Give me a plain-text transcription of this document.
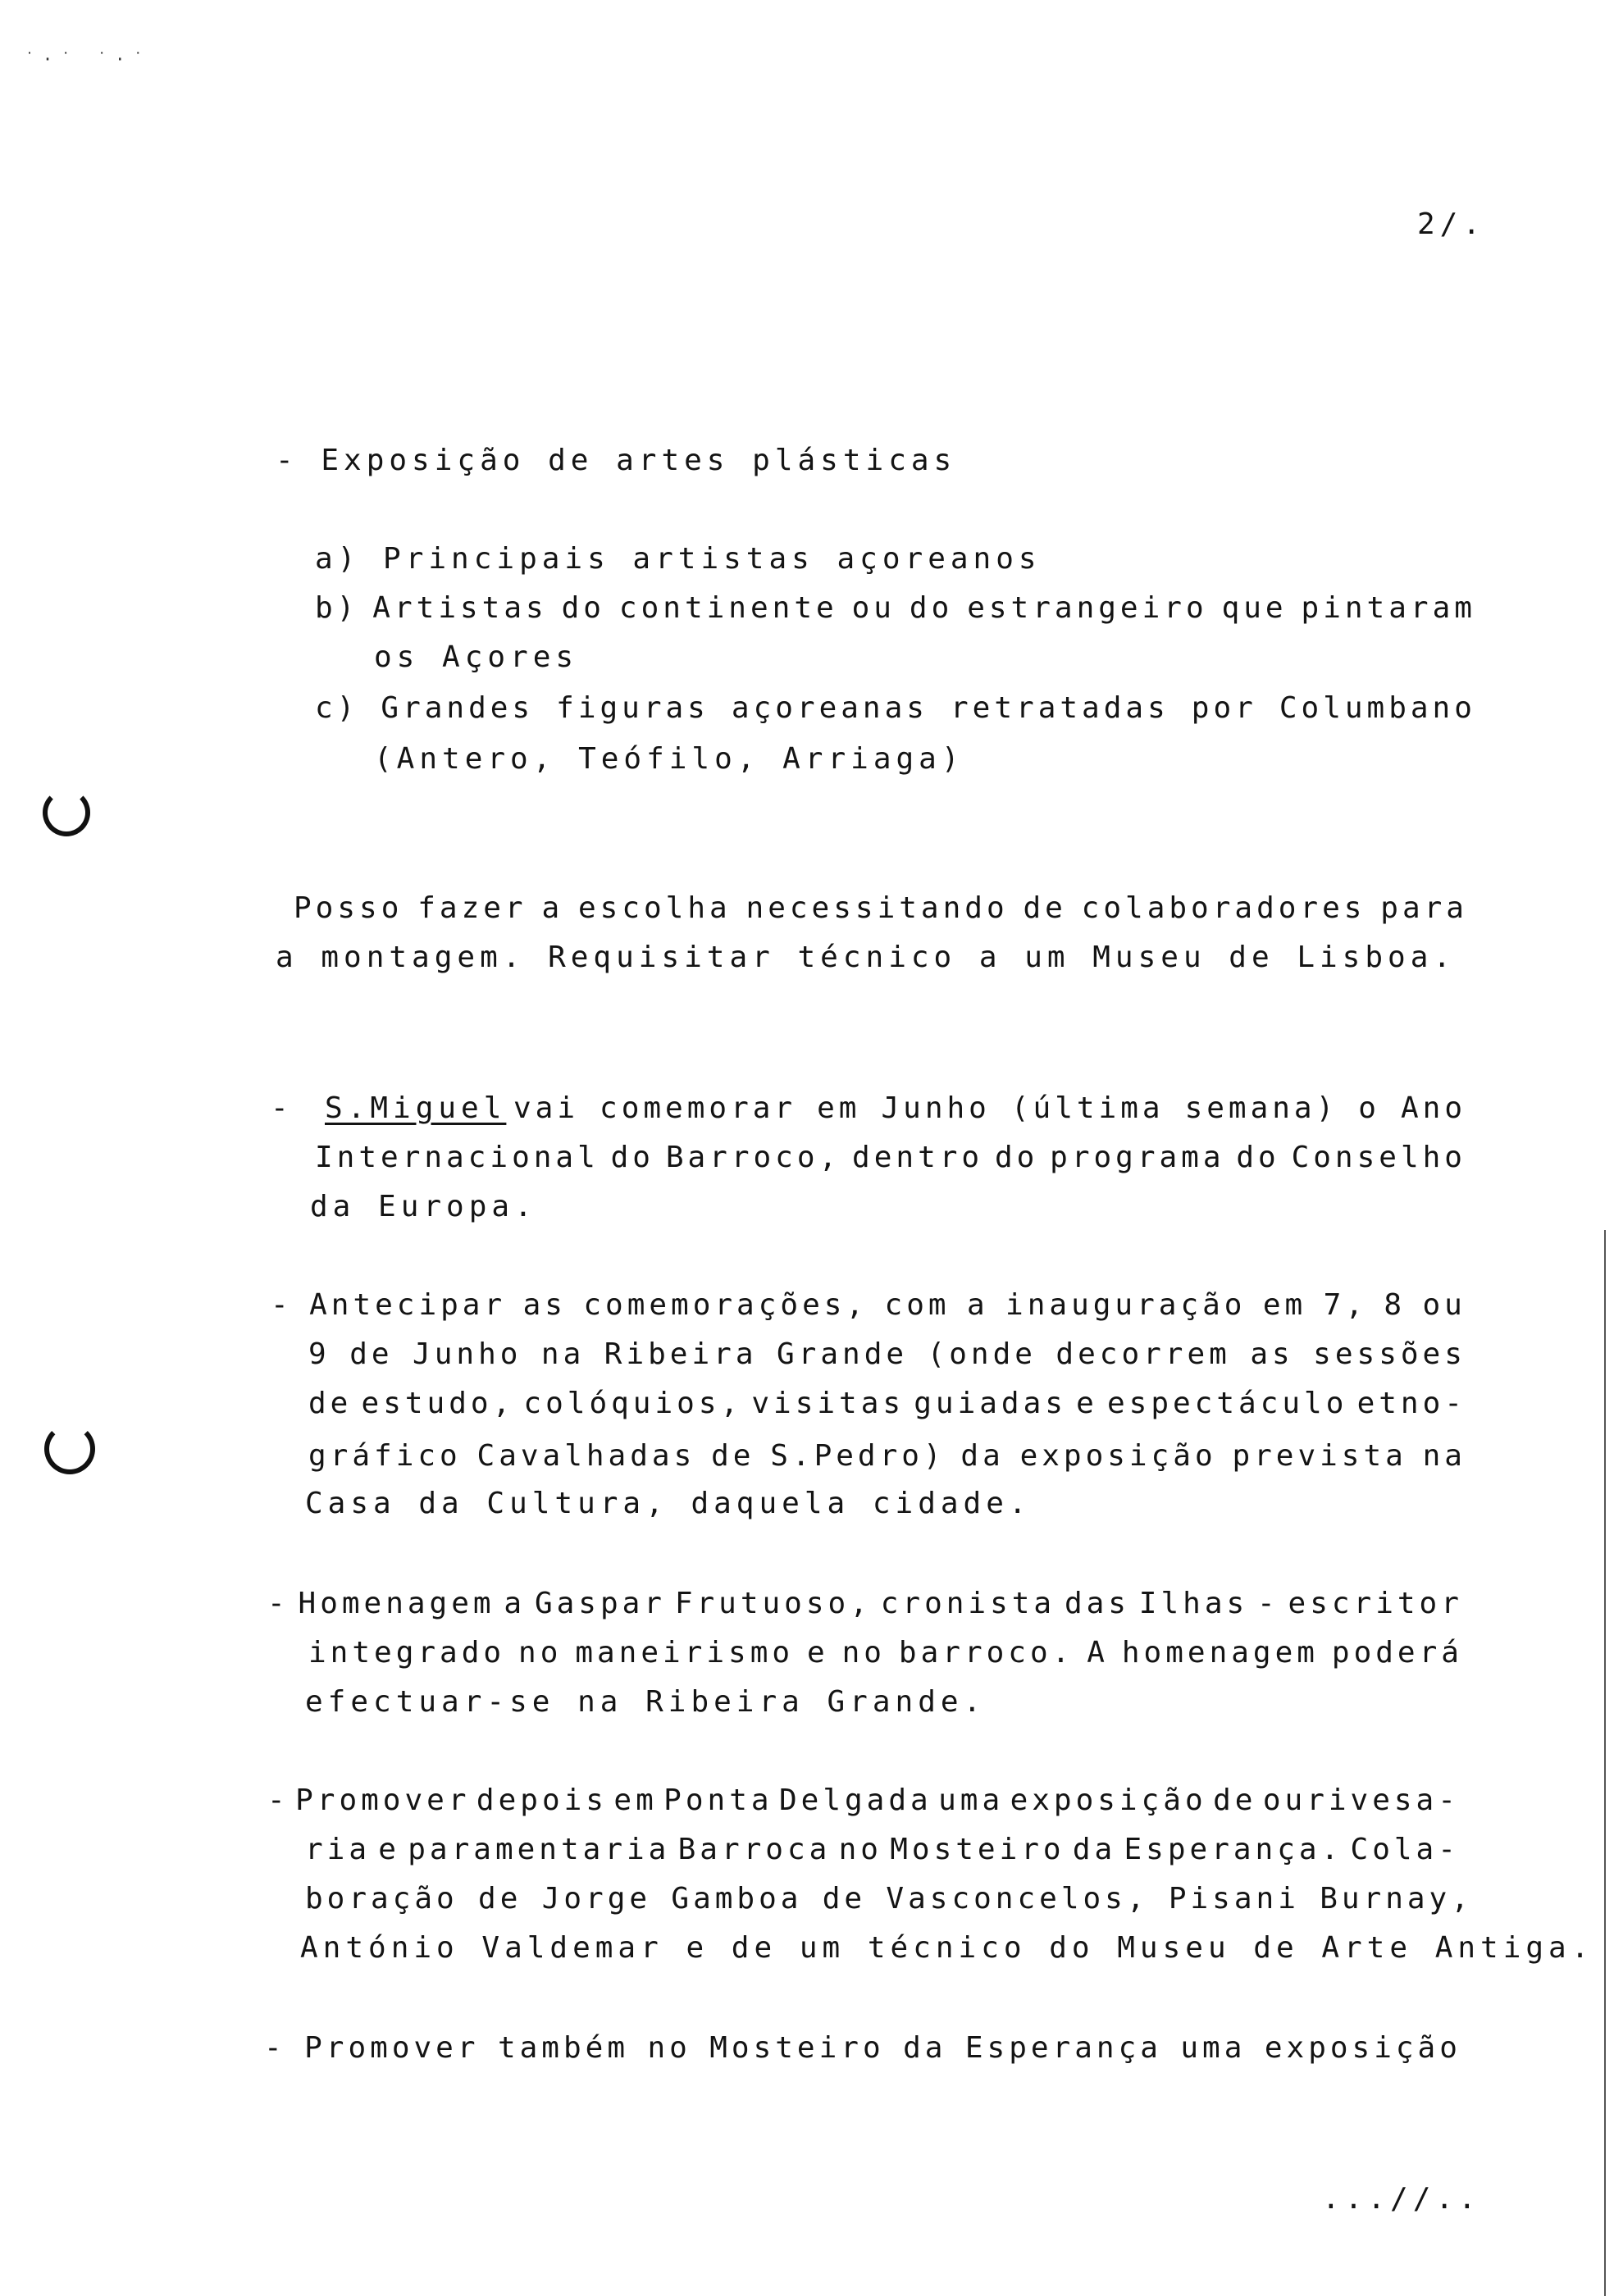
˙·˙ ˙·˙
2/.
- Exposição de artes plásticas
a) Principais artistas açoreanos
b) Artistas do continente ou do estrangeiro que pintaram
os Açores
c) Grandes figuras açoreanas retratadas por Columbano
(Antero, Teófilo, Arriaga)
Posso fazer a escolha necessitando de colaboradores para
a montagem. Requisitar técnico a um Museu de Lisboa.
- S.Miguel vai comemorar em Junho (última semana) o Ano
Internacional do Barroco, dentro do programa do Conselho
da Europa.
- Antecipar as comemorações, com a inauguração em 7, 8 ou
9 de Junho na Ribeira Grande (onde decorrem as sessões
de estudo, colóquios, visitas guiadas e espectáculo etno-
gráfico Cavalhadas de S.Pedro) da exposição prevista na
Casa da Cultura, daquela cidade.
- Homenagem a Gaspar Frutuoso, cronista das Ilhas - escritor
integrado no maneirismo e no barroco. A homenagem poderá
efectuar-se na Ribeira Grande.
- Promover depois em Ponta Delgada uma exposição de ourivesa-
ria e paramentaria Barroca no Mosteiro da Esperança. Cola-
boração de Jorge Gamboa de Vasconcelos, Pisani Burnay,
António Valdemar e de um técnico do Museu de Arte Antiga.
- Promover também no Mosteiro da Esperança uma exposição
...//..
